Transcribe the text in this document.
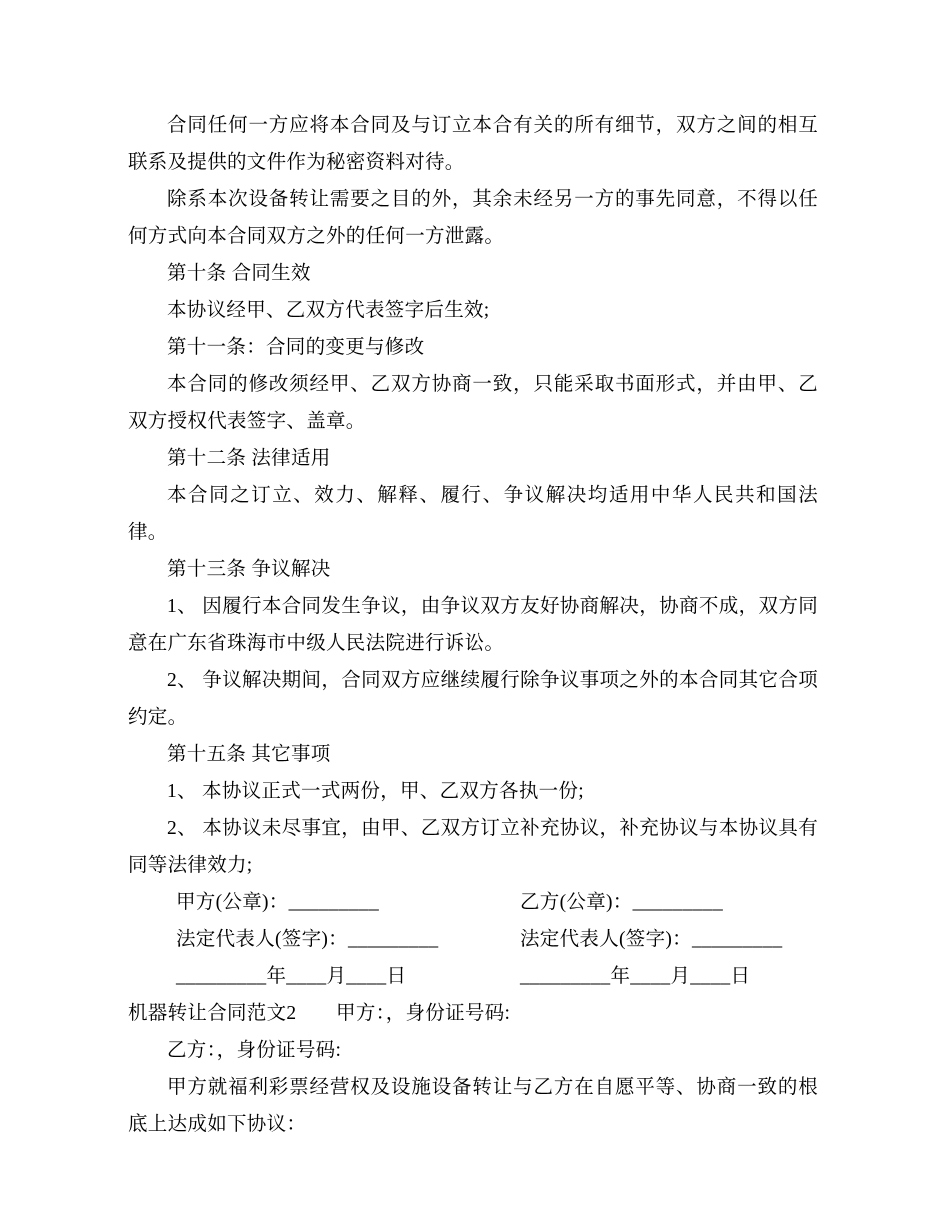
合同任何一方应将本合同及与订立本合有关的所有细节，双方之间的相互联系及提供的文件作为秘密资料对待。

除系本次设备转让需要之目的外，其余未经另一方的事先同意，不得以任何方式向本合同双方之外的任何一方泄露。

第十条 合同生效

本协议经甲、乙双方代表签字后生效;

第十一条：合同的变更与修改

本合同的修改须经甲、乙双方协商一致，只能采取书面形式，并由甲、乙双方授权代表签字、盖章。

第十二条 法律适用

本合同之订立、效力、解释、履行、争议解决均适用中华人民共和国法律。

第十三条 争议解决

1、 因履行本合同发生争议，由争议双方友好协商解决，协商不成，双方同意在广东省珠海市中级人民法院进行诉讼。

2、 争议解决期间，合同双方应继续履行除争议事项之外的本合同其它合项约定。

第十五条 其它事项

1、 本协议正式一式两份，甲、乙双方各执一份;

2、 本协议未尽事宜，由甲、乙双方订立补充协议，补充协议与本协议具有同等法律效力;

甲方(公章)：_________	乙方(公章)：_________
法定代表人(签字)：_________	法定代表人(签字)：_________
_________年____月____日	_________年____月____日

机器转让合同范文2　　甲方：，身份证号码:

乙方：，身份证号码:

甲方就福利彩票经营权及设施设备转让与乙方在自愿平等、协商一致的根底上达成如下协议：
